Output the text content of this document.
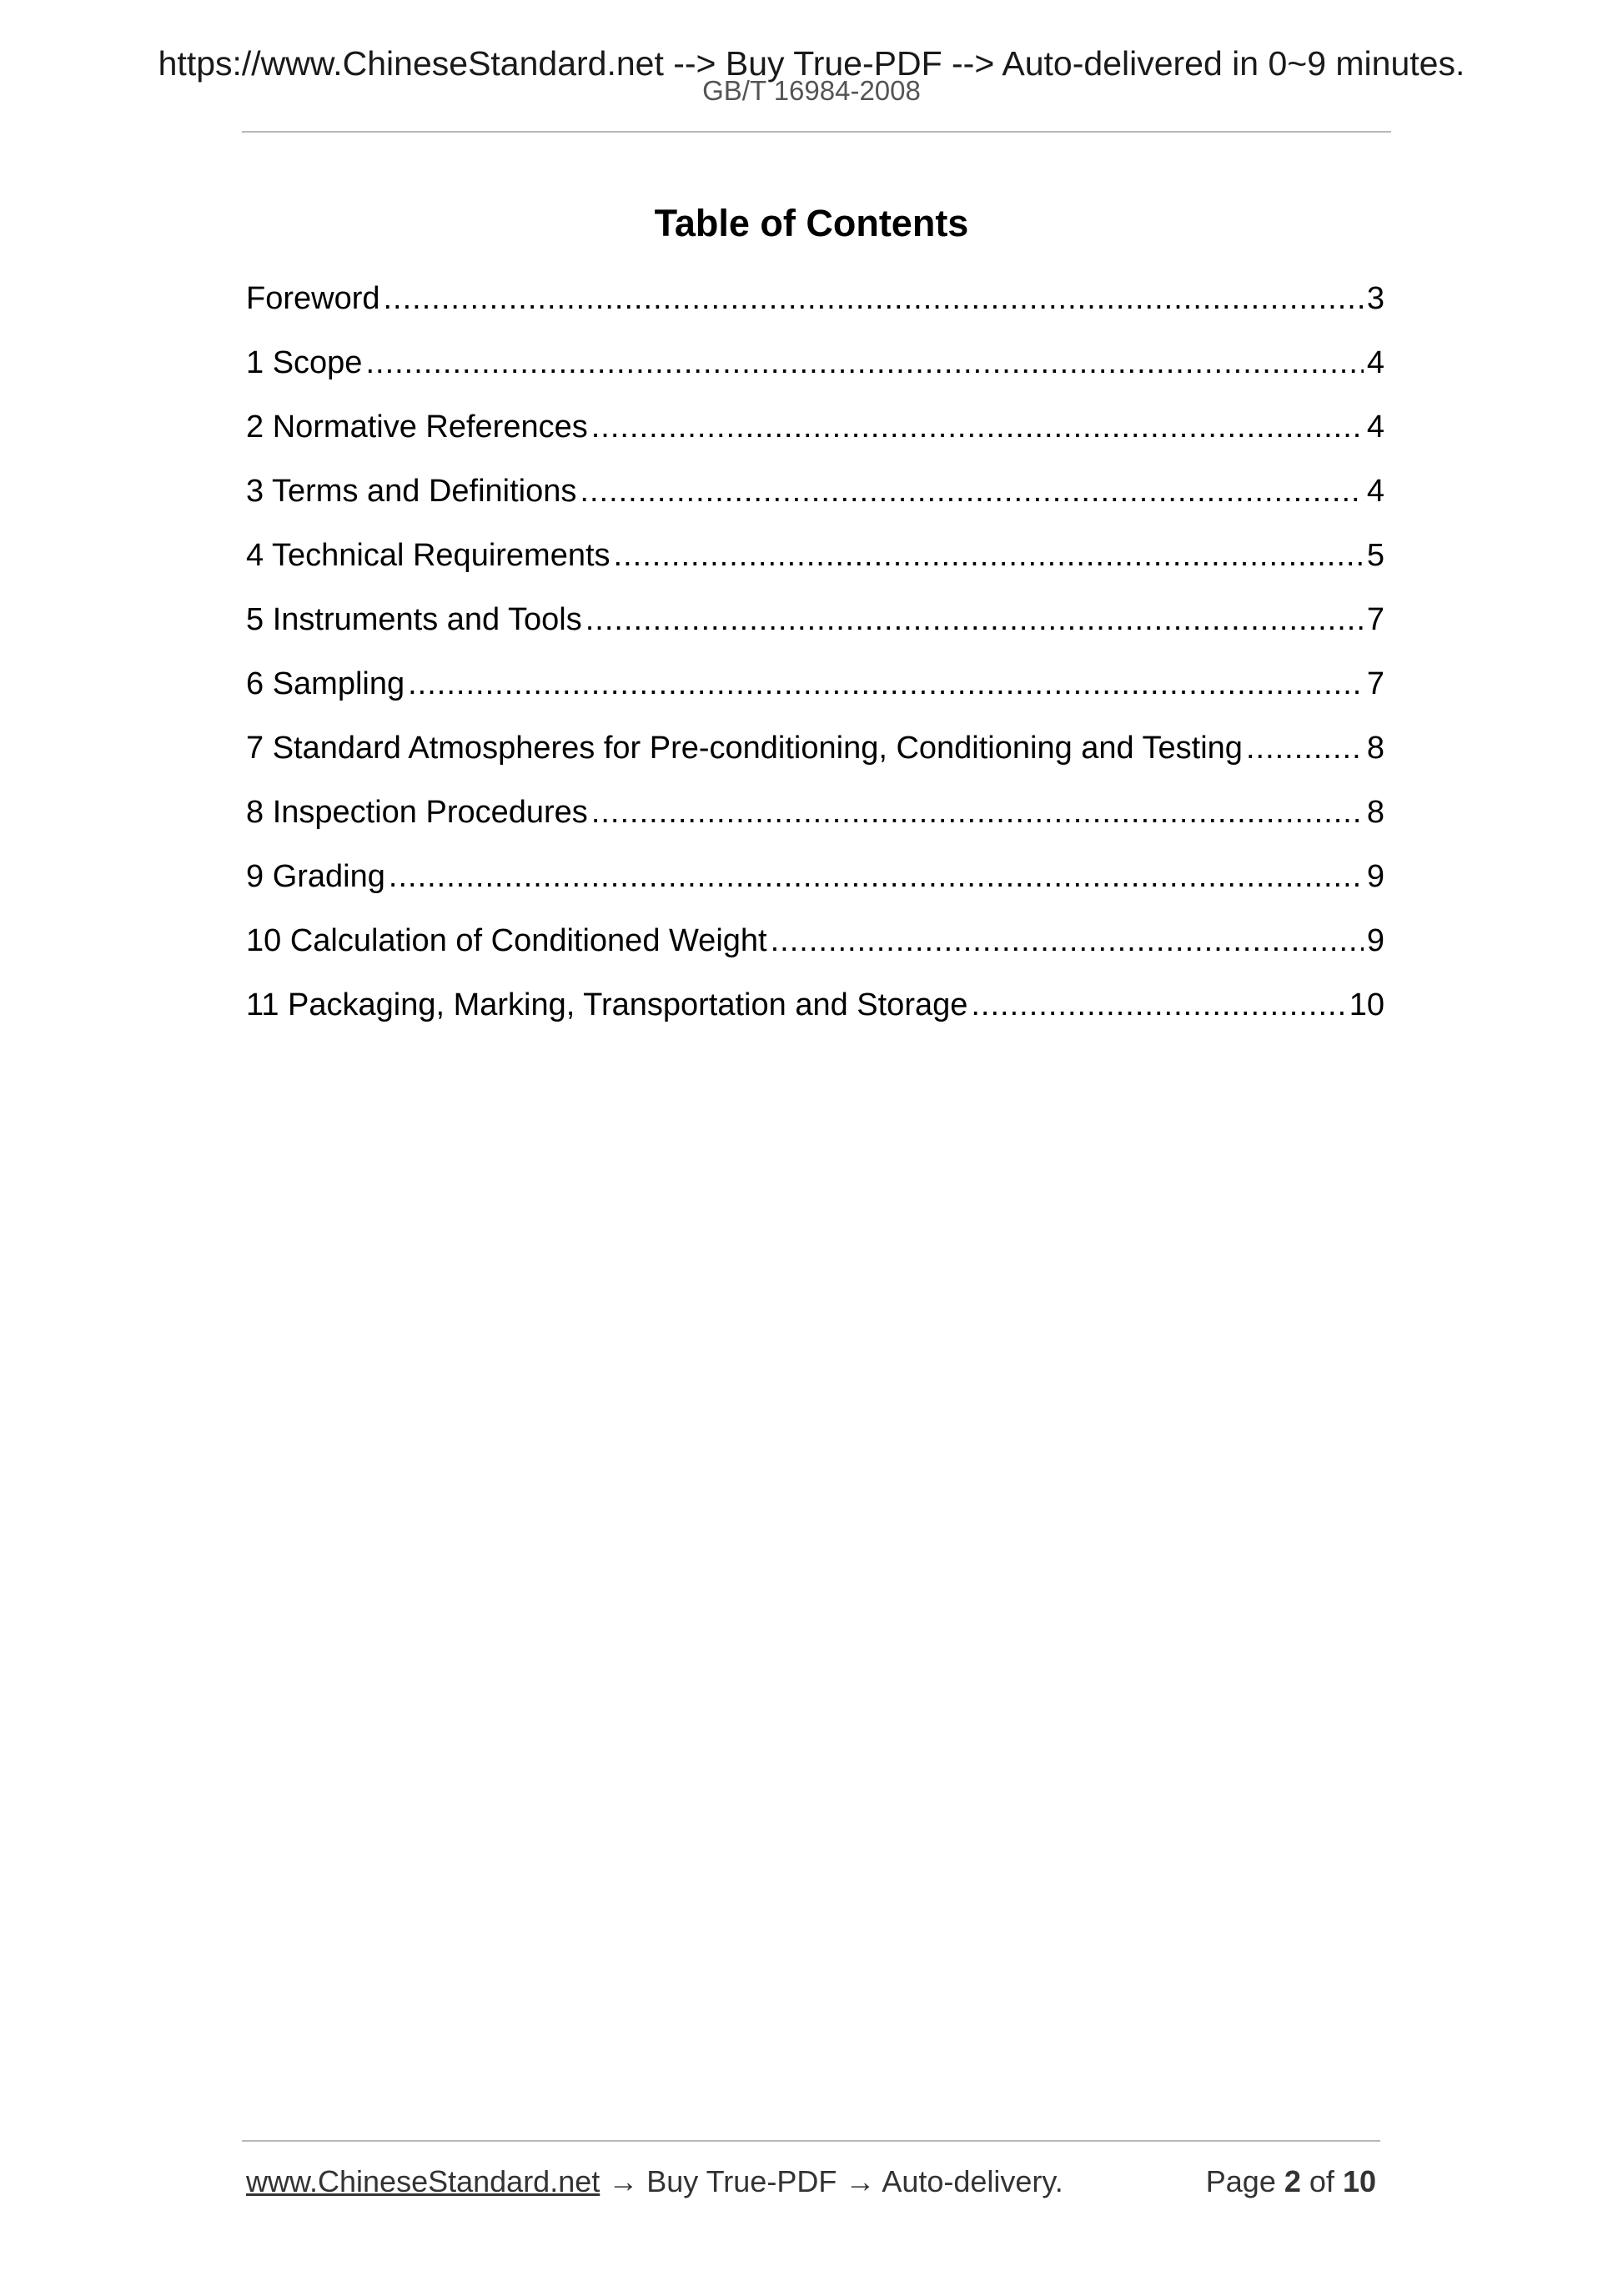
https://www.ChineseStandard.net --> Buy True-PDF --> Auto-delivered in 0~9 minutes.
GB/T 16984-2008
Table of Contents
Foreword .....	3
1 Scope .....	4
2 Normative References .....	4
3 Terms and Definitions .....	4
4 Technical Requirements .....	5
5 Instruments and Tools .....	7
6 Sampling .....	7
7 Standard Atmospheres for Pre-conditioning, Conditioning and Testing .....	8
8 Inspection Procedures .....	8
9 Grading .....	9
10 Calculation of Conditioned Weight .....	9
11 Packaging, Marking, Transportation and Storage .....	10
www.ChineseStandard.net → Buy True-PDF → Auto-delivery.	Page 2 of 10
